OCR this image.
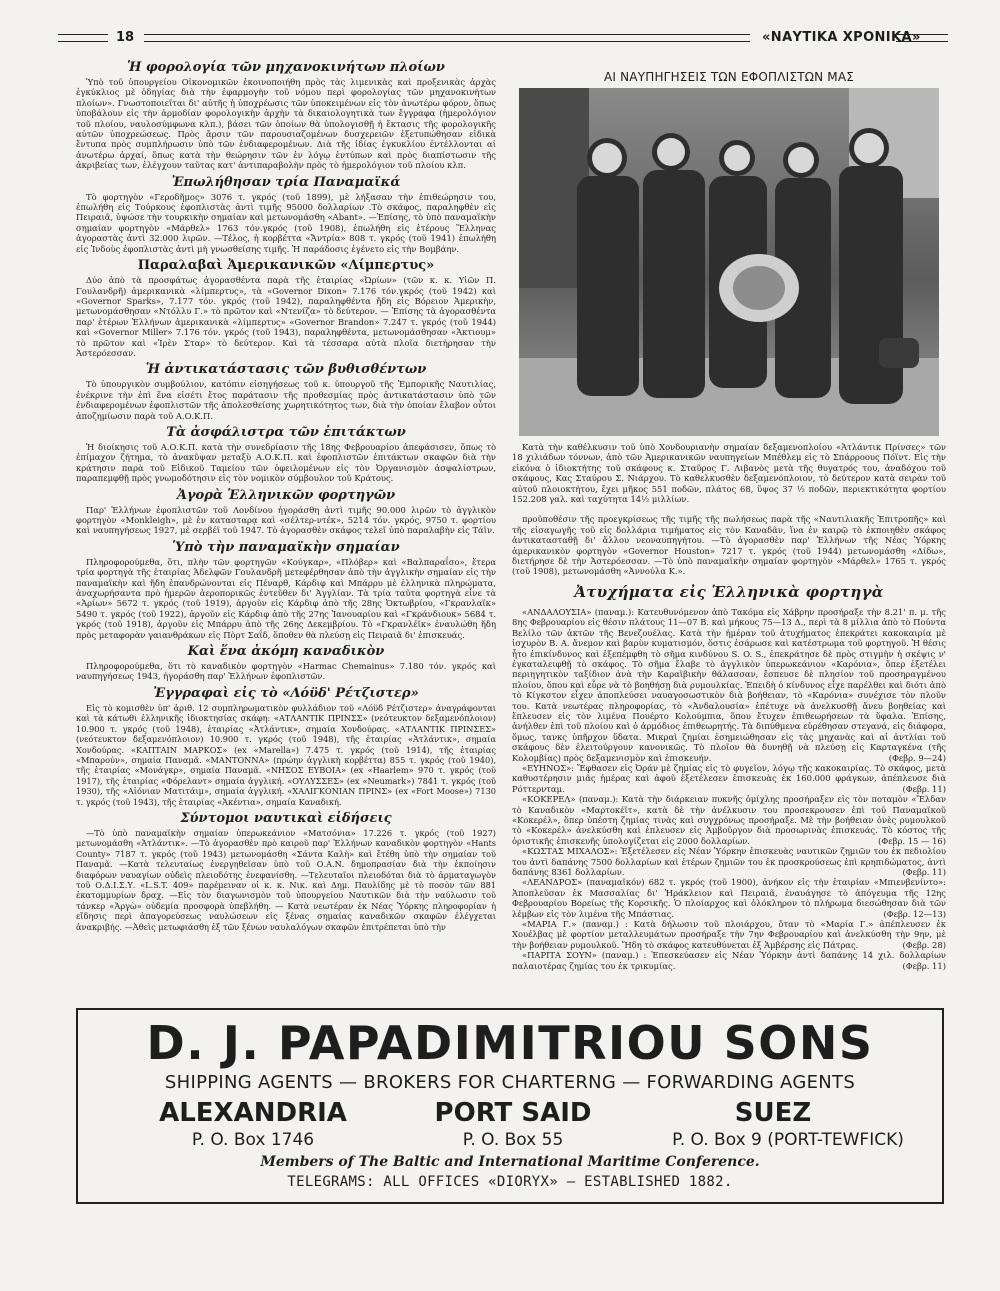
18	«ΝΑΥΤΙΚΑ ΧΡΟΝΙΚΑ»
Ἡ φορολογία τῶν μηχανοκινήτων πλοίων

Ὑπὸ τοῦ ὑπουργείου Οἰκονομικῶν ἐκοινοποιήθη πρὸς τὰς λιμενικὰς καὶ προξενικὰς ἀρχὰς ἐγκύκλιος μὲ ὁδηγίας διὰ τὴν ἐφαρμογὴν τοῦ νόμου περὶ φορολογίας τῶν μηχανοκινήτων πλοίων». Γνωστοποιεῖται δι' αὐτῆς ἡ ὑποχρέωσις τῶν ὑποκειμένων εἰς τὸν ἀνωτέρω φόρον, ὅπως ὑποβάλουν εἰς τὴν ἁρμοδίαν φορολογικὴν ἀρχὴν τὰ δικαιολογητικὰ των ἔγγραφα (ἡμερολόγιον τοῦ πλοίου, ναυλοσύμφωνα κλπ.), βάσει τῶν ὁποίων θὰ ὑπολογισθῇ ἡ ἔκτασις τῆς φορολογικῆς αὐτῶν ὑποχρεώσεως. Πρὸς ἄρσιν τῶν παρουσιαζομένων δυσχερειῶν ἐξετυπώθησαν εἰδικὰ ἔντυπα πρὸς συμπλήρωσιν ὑπὸ τῶν ἐνδιαφερομένων. Διὰ τῆς ἰδίας ἐγκυκλίου ἐντέλλονται αἱ ἀνωτέρω ἀρχαί, ὅπως κατὰ τὴν θεώρησιν τῶν ἐν λόγῳ ἐντύπων καὶ πρὸς διαπίστωσιν τῆς ἀκριβείας των, ἐλέγχουν ταῦτας κατ' ἀντιπαραβολὴν πρὸς τὸ ἡμερολόγιον τοῦ πλοίου κλπ.

Ἐπωλήθησαν τρία Παναμαϊκά

Τὸ φορτηγὸν «Γεροδῆμος» 3076 τ. γκρός (τοῦ 1899), μὲ λήξασαν τὴν ἐπιθεώρησιν του, ἐπωλήθη εἰς Τούρκους ἐφοπλιστὰς ἀντὶ τιμῆς 95000 δολλαρίων .Τὸ σκάφος, παραληφθὲν εἰς Πειραιᾶ, ὑψώσε τὴν τουρκικὴν σημαίαν καὶ μετωνομάσθη «Abant». —Ἐπίσης, τὸ ὑπὸ παναμαϊκὴν σημαίαν φορτηγὸν «Μάρθελ» 1763 τόν.γκρός (τοῦ 1908), ἐπωλήθη εἰς ἑτέρους Ἕλληνας ἀγοραστὰς ἀντὶ 32.000 λιρῶν. —Τέλος, ἡ κορβέττα «Ἄντρία» 808 τ. γκρός (τοῦ 1941) ἐπωλήθη εἰς Ἰνδοὺς ἐφοπλιστὰς ἀντὶ μὴ γνωσθείσης τιμῆς. Ἡ παράδοσις ἐγένετο εἰς τὴν Βομβάην.

Παραλαβαὶ Ἀμερικανικῶν «Λίμπερτυς»

Δύο ἀπὸ τὰ προσφάτως ἀγορασθέντα παρὰ τῆς ἑταιρίας «Ὠρίων» (τῶν κ. κ. Υἱῶν Π. Γουλανδρῆ) ἀμερικανικὰ «λίμπερτυς», τὰ «Governor Dixon» 7.176 τόν.γκρός (τοῦ 1942) καὶ «Governor Sparks», 7.177 τόν. γκρός (τοῦ 1942), παραληφθέντα ἤδη εἰς Βόρειον Ἀμερικὴν, μετωνομάσθησαν «Ντόλλυ Γ.» τὸ πρῶτον καὶ «Ντενίζα» τὸ δεύτερον. — Ἐπίσης τὰ ἀγορασθέντα παρ' ἑτέρων Ἑλλήνων ἀμερικανικὰ «λίμπερτυς» «Governor Brandon» 7.247 τ. γκρός (τοῦ 1944) καὶ «Governor Miller» 7.176 τόν. γκρός (τοῦ 1943), παραληφθέντα, μετωνομάσθησαν «Ἀκτιουμ» τὸ πρῶτον καὶ «Ἰρὲν Σταρ» τὸ δεύτερον. Καὶ τὰ τέσσαρα αὐτὰ πλοῖα διετήρησαν τὴν Ἀστερόεσσαν.

Ἡ ἀντικατάστασις τῶν βυθισθέντων

Τὸ ὑπουργικὸν συμβούλιον, κατόπιν εἰσηγήσεως τοῦ κ. ὑπουργοῦ τῆς Ἐμπορικῆς Ναυτιλίας, ἐνέκρινε τὴν ἐπὶ ἕνα εἰσέτι ἔτος παράτασιν τῆς προθεσμίας πρὸς ἀντικατάστασιν ὑπὸ τῶν ἐνδιαφερομένων ἐφοπλιστῶν τῆς ἀπολεσθείσης χωρητικότητος των, διὰ τὴν ὁποίαν ἔλαβον οὗτοι ἀποζημίωσιν παρὰ τοῦ Α.Ο.Κ.Π.

Τὰ ἀσφάλιστρα τῶν ἐπιτάκτων

Ἡ διοίκησις τοῦ Α.Ο.Κ.Π. κατὰ τὴν συνεδρίασιν τῆς 18ης Φεβρουαρίου ἀπεφάσισεν, ὅπως τὸ ἐπίμαχον ζήτημα, τὸ ἀνακῦψαν μεταξὺ Α.Ο.Κ.Π. καὶ ἐφοπλιστῶν ἐπιτάκτων σκαφῶν διὰ τὴν κράτησιν παρὰ τοῦ Εἰδικοῦ Ταμείου τῶν ὀφειλομένων εἰς τὸν Ὀργανισμὸν ἀσφαλίστρων, παραπεμφθῇ πρὸς γνωμοδότησιν εἰς τὸν νομικὸν σύμβουλον τοῦ Κράτους.

Ἀγορὰ Ἑλληνικῶν φορτηγῶν

Παρ' Ἑλλήνων ἐφοπλιστῶν τοῦ Λονδίνου ἠγοράσθη ἀντὶ τιμῆς 90.000 λιρῶν τὸ ἀγγλικὸν φορτηγὸν «Monkleigh», μὲ ἐν κατασταρᾳ καὶ «σέλτερ-ντέκ», 5214 τόν. γκρός, 9750 τ. φορτίου καὶ ναυπηγήσεως 1927, μὲ σερβέϊ τοῦ 1947. Τὸ ἀγορασθὲν σκάφος τελεῖ ὑπὸ παραλαβὴν εἰς Τάϊν.

Ὑπὸ τὴν παναμαϊκὴν σημαίαν

Πληροφορούμεθα, ὅτι, πλὴν τῶν φορτηγῶν «Κούγκαρ», «Πλόβερ» καὶ «Βαλπαραΐσο», ἕτερα τρία φορτηγὰ τῆς ἑταιρίας Ἀδελφῶν Γουλανδρῆ μετεφέρθησαν ἀπὸ τὴν ἀγγλικὴν σημαίαν εἰς τὴν παναμαϊκὴν καὶ ἤδη ἐπανδρώνονται εἰς Πέναρθ, Κάρδιφ καὶ Μπάρρυ μὲ ἑλληνικὰ πληρώματα, ἀναχωρήσαντα πρὸ ἡμερῶν ἀεροπορικῶς ἐντεῦθεν δι' Ἀγγλίαν. Τὰ τρία ταῦτα φορτηγὰ εἶνε τὰ «Ἀρίων» 5672 τ. γκρός (τοῦ 1919), ἀργοῦν εἰς Κάρδιφ ἀπὸ τῆς 28ης Ὀκτωβρίου, «Γκρανλαϊκ» 5490 τ. γκρός (τοῦ 1922), ἀργοῦν εἰς Κάρδιφ ἀπὸ τῆς 27ης Ἰανουαρίου καὶ «Γκράνδιουκ» 5684 τ. γκρός (τοῦ 1918), ἀργοῦν εἰς Μπάρρυ ἀπὸ τῆς 26ης Δεκεμβρίου. Τὸ «Γκρανλέϊκ» ἐναυλώθη ἤδη πρὸς μεταφορὰν γαιανθράκων εἰς Πὸρτ Σαΐδ, ὅποθεν θὰ πλεύσῃ εἰς Πειραιᾶ δι' ἐπισκευάς.

Καὶ ἕνα ἀκόμη καναδικὸν

Πληροφορούμεθα, ὅτι τὸ καναδικὸν φορτηγὸν «Harmac Chemainus» 7.180 τόν. γκρός καὶ ναυπηγήσεως 1943, ἠγοράσθη παρ' Ἑλλήνων ἐφοπλιστῶν.

Ἐγγραφαὶ εἰς τὸ «Λόϋδ' Ρέτζιστερ»

Εἰς τὸ κομισθὲν ὑπ' ἀριθ. 12 συμπληρωματικὸν φυλλάδιον τοῦ «Λόϋδ Ρέτζιστερ» ἀναγράφονται καὶ τὰ κάτωθι ἑλληνικῆς ἰδιοκτησίας σκάφη: «ΑΤΛΑΝΤΙΚ ΠΡΙΝΣΣ» (νεότευκτον δεξαμενόπλοιον) 10.900 τ. γκρός (τοῦ 1948), ἑταιρίας «Ἀτλάντικ», σημαία Χονδούρας. «ΑΤΛΑΝΤΙΚ ΠΡΙΝΣΕΣ» (νεότευκτον δεξαμενόπλοιον) 10.900 τ. γκρός (τοῦ 1948), τῆς ἑταιρίας «Ἀτλάντικ», σημαία Χονδούρας. «ΚΑΠΤΑΙΝ ΜΑΡΚΟΣ» (ex «Marella») 7.475 τ. γκρός (τοῦ 1914), τῆς ἑταιρίας «Μπαρούν», σημαία Παναμᾶ. «ΜΑΝΤΟΝΝΑ» (πρώην ἀγγλικὴ κορβέττα) 855 τ. γκρός (τοῦ 1940), τῆς ἑταιρίας «Μονάγκρ», σημαία Παναμᾶ. «ΝΗΣΟΣ ΕΥΒΟΙΑ» (ex «Haarlem» 970 τ. γκρός (τοῦ 1917), τῆς ἑταιρίας «Φόρελαντ» σημαία ἀγγλική. «ΟΥΛΥΣΣΕΣ» (ex «Neumark») 7841 τ. γκρός (τοῦ 1930), τῆς «Αἰόνιαν Ματιτάιμ», σημαία ἀγγλική. «ΧΑΛΙΓΚΟΝΙΑΝ ΠΡΙΝΣ» (ex «Fort Moose») 7130 τ. γκρός (τοῦ 1943), τῆς ἑταιρίας «Ἀκέντια», σημαία Καναδική.

Σύντομοι ναυτικαὶ εἰδήσεις

—Τὸ ὑπὸ παναμαϊκὴν σημαίαν ὑπερωκεάνιον «Ματσόνια» 17.226 τ. γκρός (τοῦ 1927) μετωνομάσθη «Ἀτλάντικ». —Τὸ ἀγορασθὲν πρὸ καιροῦ παρ' Ἑλλήνων καναδικὸν φορτηγὸν «Hants County» 7187 τ. γκρός (τοῦ 1943) μετωνομάσθη «Σάντα Καλὴ» καὶ ἔτέθη ὑπὸ τὴν σημαίαν τοῦ Παναμᾶ. —Κατὰ τελευταίως ἐνεργηθεῖσαν ὑπὸ τοῦ Ο.Α.Ν. δημοπρασίαν διὰ τὴν ἐκποίησιν διαφόρων ναυαγίων οὐδεὶς πλειοδότης ἐνεφανίσθη. —Τελευταῖοι πλειοδόται διὰ τὸ ἀρματαγωγὸν τοῦ Ο.Δ.Ι.Σ.Υ. «L.S.T. 409» παρέμειναν οἱ κ. κ. Νικ. καὶ Δημ. Παυλίδης μὲ τὸ ποσὸν τῶν 881 ἑκατομμυρίων δραχ. —Εἰς τὸν διαγωνισμὸν τοῦ ὑπουργείου Ναυτικῶν διὰ τὴν ναύλωσιν τοῦ τάνκερ «Ἀργὼ» οὐδεμία προσφορὰ ὑπεβλήθη. — Κατὰ νεωτέραν ἐκ Νέας Ὑόρκης πληροφορίαν ἡ εἴδησις περὶ ἀπαγορεύσεως ναυλώσεων εἰς ξένας σημαίας καναδικῶν σκαφῶν ἐλέγχεται ἀνακριβής. —Ἀθεὶς μετωφιάσθη ἐξ τῶν ξένων ναυλαλόγων σκαφῶν ἐπιτρέπεται ὑπὸ τὴν

ΑΙ ΝΑΥΠΗΓΗΣΕΙΣ ΤΩΝ ΕΦΟΠΛΙΣΤΩΝ ΜΑΣ

Κατὰ τὴν καθέλκυσιν τοῦ ὑπὸ Χονδουριανὴν σημαίαν δεξαμενοπλοίου «Ἀτλάντικ Πρίνσες» τῶν 18 χιλιάδων τόννων, ἀπὸ τῶν Ἀμερικανικῶν ναυπηγείων Μπέθλεμ εἰς τὸ Σπάρροους Πόϊντ. Εἰς τὴν εἰκόνα ὁ ἰδιοκτήτης τοῦ σκάφους κ. Σταῦρος Γ. Λιβανὸς μετὰ τῆς θυγατρός του, ἀναδόχου τοῦ σκάφους, Κας Σταύρου Σ. Νιάρχου. Τὸ καθελκυσθὲν δεξαμενόπλοιον, τὸ δεύτερον κατὰ σειρὰν τοῦ αὐτοῦ πλοιοκτήτου, ἔχει μῆκος 551 ποδῶν, πλάτος 68, ὕψος 37 ½ ποδῶν, περιεκτικότητα φορτίου 152.208 γαλ. καὶ ταχύτητα 14½ μιλλίων.

προϋποθέσιν τῆς προεγκρίσεως τῆς τιμῆς τῆς πωλήσεως παρὰ τῆς «Ναυτιλιακῆς Ἐπιτροπῆς» καὶ τῆς εἰσαγωγῆς τοῦ εἰς δολλάρια τιμήματος εἰς τὸν Καναδᾶν, ἵνα ἐν καιρῷ τὸ ἐκποιηθὲν σκάφος ἀντικατασταθῇ δι' ἄλλου νεοναυπηγήτου. —Τὸ ἀγορασθὲν παρ' Ἑλλήνων τῆς Νέας Ὑόρκης ἀμερικανικὸν φορτηγὸν «Governor Houston» 7217 τ. γκρός (τοῦ 1944) μετωνομάσθη «Δίδω», διετήρησε δὲ τὴν Ἀστερόεσσαν. —Τὸ ὑπὸ παναμαϊκὴν σημαίαν φορτηγὸν «Μάρθελ» 1765 τ. γκρός (τοῦ 1908), μετωνομάσθη «Ἀννούλα Κ.».

Ἀτυχήματα εἰς Ἑλληνικὰ φορτηγὰ

«ΑΝΔΑΛΟΥΣΙΑ» (παναμ.): Κατευθυνόμενον ἀπὸ Τακόμα εἰς Χάβρην προσήραξε τὴν 8.21' π. μ. τῆς 8ης Φεβρουαρίου εἰς θέσιν πλάτους 11—07 Β. καὶ μήκους 75—13 Δ., περὶ τὰ 8 μίλλια ἀπὸ τὸ Πούντα Βελίλο τῶν ἀκτῶν τῆς Βενεζουέλας. Κατὰ τὴν ἡμέραν τοῦ ἀτυχήματος ἐπεκράτει κακοκαιρία μὲ ἰσχυρὸν Β. Α. ἄνεμον καὶ βαρὺν κυματισμόν, ὅστις ἐσάρωσε καὶ κατέστρωμα τοῦ φορτηγοῦ. Ἡ θέσις ἦτο ἐπικίνδυνος καὶ ἐξεπέμφθη τὸ σῆμα κινδύνου S. O. S., ἐπεκράτησε δὲ πρὸς στιγμὴν ἡ σκέψις ν' ἐγκαταλειφθῇ τὸ σκάφος. Τὸ σῆμα ἔλαβε τὸ ἀγγλικὸν ὑπερωκεάνιον «Καρόνια», ὅπερ ἐξετέλει περιηγητικὸν ταξίδιον ἀνὰ τὴν Καραϊβικὴν θάλασσαν, ἔσπευσε δὲ πλησίον τοῦ προσηραγμένου πλοίου, ὅπου καὶ εὗρε νὰ τὸ βοηθήσῃ διὰ ρυμουλκίας. Ἐπειδὴ ὁ κίνδυνος εἶχε παρέλθει καὶ διότι ἀπὸ τὸ Κίγκστον εἶχεν ἀποπλεύσει ναυαγοσωστικὸν διὰ βοήθειαν, τὸ «Καρόνια» συνέχισε τὸν πλοῦν του. Κατὰ νεωτέρας πληροφορίας, τὸ «Ἀνδαλουσία» ἐπέτυχε νὰ ἀνελκυσθῇ ἄνευ βοηθείας καὶ ἔπλευσεν εἰς τὸν λιμένα Πουέρτο Κολούμπια, ὅπου ἔτυχεν ἐπιθεωρήσεων τὰ ὕφαλα. Ἐπίσης, ἀνήλθεν ἐπὶ τοῦ πλοίου καὶ ὁ ἁρμόδιος ἐπιθεωρητής. Τὰ διπύθμενα εὑρέθησαν στεγανά, εἰς διάφορα, ὅμως, τανκς ὑπῆρχον ὕδατα. Μικραὶ ζημίαι ἐσημειώθησαν εἰς τὰς μηχανὰς καὶ αἱ ἀντλίαι τοῦ σκάφους δὲν ἐλειτούργουν κανονικῶς. Τὸ πλοῖον θὰ δυνηθῇ νὰ πλεύσῃ εἰς Καρταγκένα (τῆς Κολομβίας) πρὸς δεξαμενισμὸν καὶ ἐπισκευήν.	(Φεβρ. 9—24)

«ΕΥΗΝΟΣ»: Ἔφθασεν εἰς Ὀράν μὲ ζημίας εἰς τὸ φυγεῖον, λόγῳ τῆς κακοκαιρίας. Τὸ σκάφος, μετὰ καθυστέρησιν μιᾶς ἡμέρας καὶ ἀφοῦ ἐξετέλεσεν ἐπισκευὰς ἐκ 160.000 φράγκων, ἀπέπλευσε διὰ Ρόττερνταμ.	(Φεβρ. 11)

«ΚΟΚΕΡΕΛ» (παναμ.): Κατὰ τὴν διάρκειαν πυκνῆς ὁμίχλης προσήραξεν εἰς τὸν ποταμὸν «Ἔλδαν τὸ Καναδικὸν «Μαρτοκέϊτ», κατὰ δὲ τὴν ἀνέλκυσιν του προσεκρουσεν ἐπὶ τοῦ Παναμαϊκοῦ «Κοκερέλ», ὅπερ ὑπέστη ζημίας τινὰς καὶ συγχρόνως προσήραξε. Μὲ τὴν βοήθειαν ὀνὲς ρυμουλκοῦ τὸ «Κοκερέλ» ἀνελκύσθη καὶ ἐπλευσεν εἰς Ἀμβοῦργον διὰ προσωρινὰς ἐπισκευάς. Τὸ κόστος τῆς ὁριστικῆς ἐπισκευῆς ὑπολογίζεται εἰς 2000 δολλαρίων.	(Φεβρ. 15 — 16)

«ΚΩΣΤΑΣ ΜΙΧΑΛΟΣ»: Ἐξετέλεσεν εἰς Νέαν Ὑόρκην ἐπισκευὰς ναυτικῶν ζημιῶν του ἐκ πεδιολίου του ἀντὶ δαπάνης 7500 δολλαρίων καὶ ἑτέρων ζημιῶν του ἐκ προσκρούσεως ἐπὶ κρηπιδώματος, ἀντὶ δαπάνης 8361 δολλαρίων.	(Φεβρ. 11)

«ΛΕΑΝΔΡΟΣ» (παναμαϊκόν) 682 τ. γκρός (τοῦ 1900), ἀνήκον εἰς τὴν ἑταιρίαν «Μπιενβενίντο»: Ἀποπλεῦσαν ἐκ Μασσαλίας δι' Ἡράκλειον καὶ Πειραιᾶ, ἐναυάγησε τὸ ἀπόγευμα τῆς 12ης Φεβρουαρίου Βορείως τῆς Κορσικῆς. Ὁ πλοίαρχος καὶ ὁλόκληρον τὸ πλήρωμα διεσώθησαν διὰ τῶν λέμβων εἰς τὸν λιμένα τῆς Μπάστιας.	(Φεβρ. 12—13)

«ΜΑΡΙΑ Γ.» (παναμ.) : Κατὰ δήλωσιν τοῦ πλοιάρχου, ὅταν τὸ «Μαρία Γ.» ἀπέπλευσεν ἐκ Χουέλβας μὲ φορτίον μεταλλευμάτων προσήραξε τὴν 7ην Φεβρουαρίου καὶ ἀνελκύσθη τὴν 9ην, μὲ τὴν βοήθειαν ρυμουλκοῦ. Ἤδη τὸ σκάφος κατευθύνεται ἐξ Ἀμβέρσης εἰς Πάτρας.	(Φεβρ. 28)

«ΠΑΡΙΤΑ ΣΟΥΝ» (παναμ.) : Ἐπεσκεύασεν εἰς Νέαν Ὑόρκην ἀντὶ δαπάνης 14 χιλ. δολλαρίων παλαιοτέρας ζημίας του ἐκ τρικυμίας.	(Φεβρ. 11)

D. J. PAPADIMITRIOU SONS
SHIPPING AGENTS — BROKERS FOR CHARTERNG — FORWARDING AGENTS
ALEXANDRIA	PORT SAID	SUEZ
P. O. Box 1746	P. O. Box 55	P. O. Box 9 (PORT-TEWFICK)
Members of The Baltic and International Maritime Conference.
TELEGRAMS: ALL OFFICES «DIORYX» — ESTABLISHED 1882.
